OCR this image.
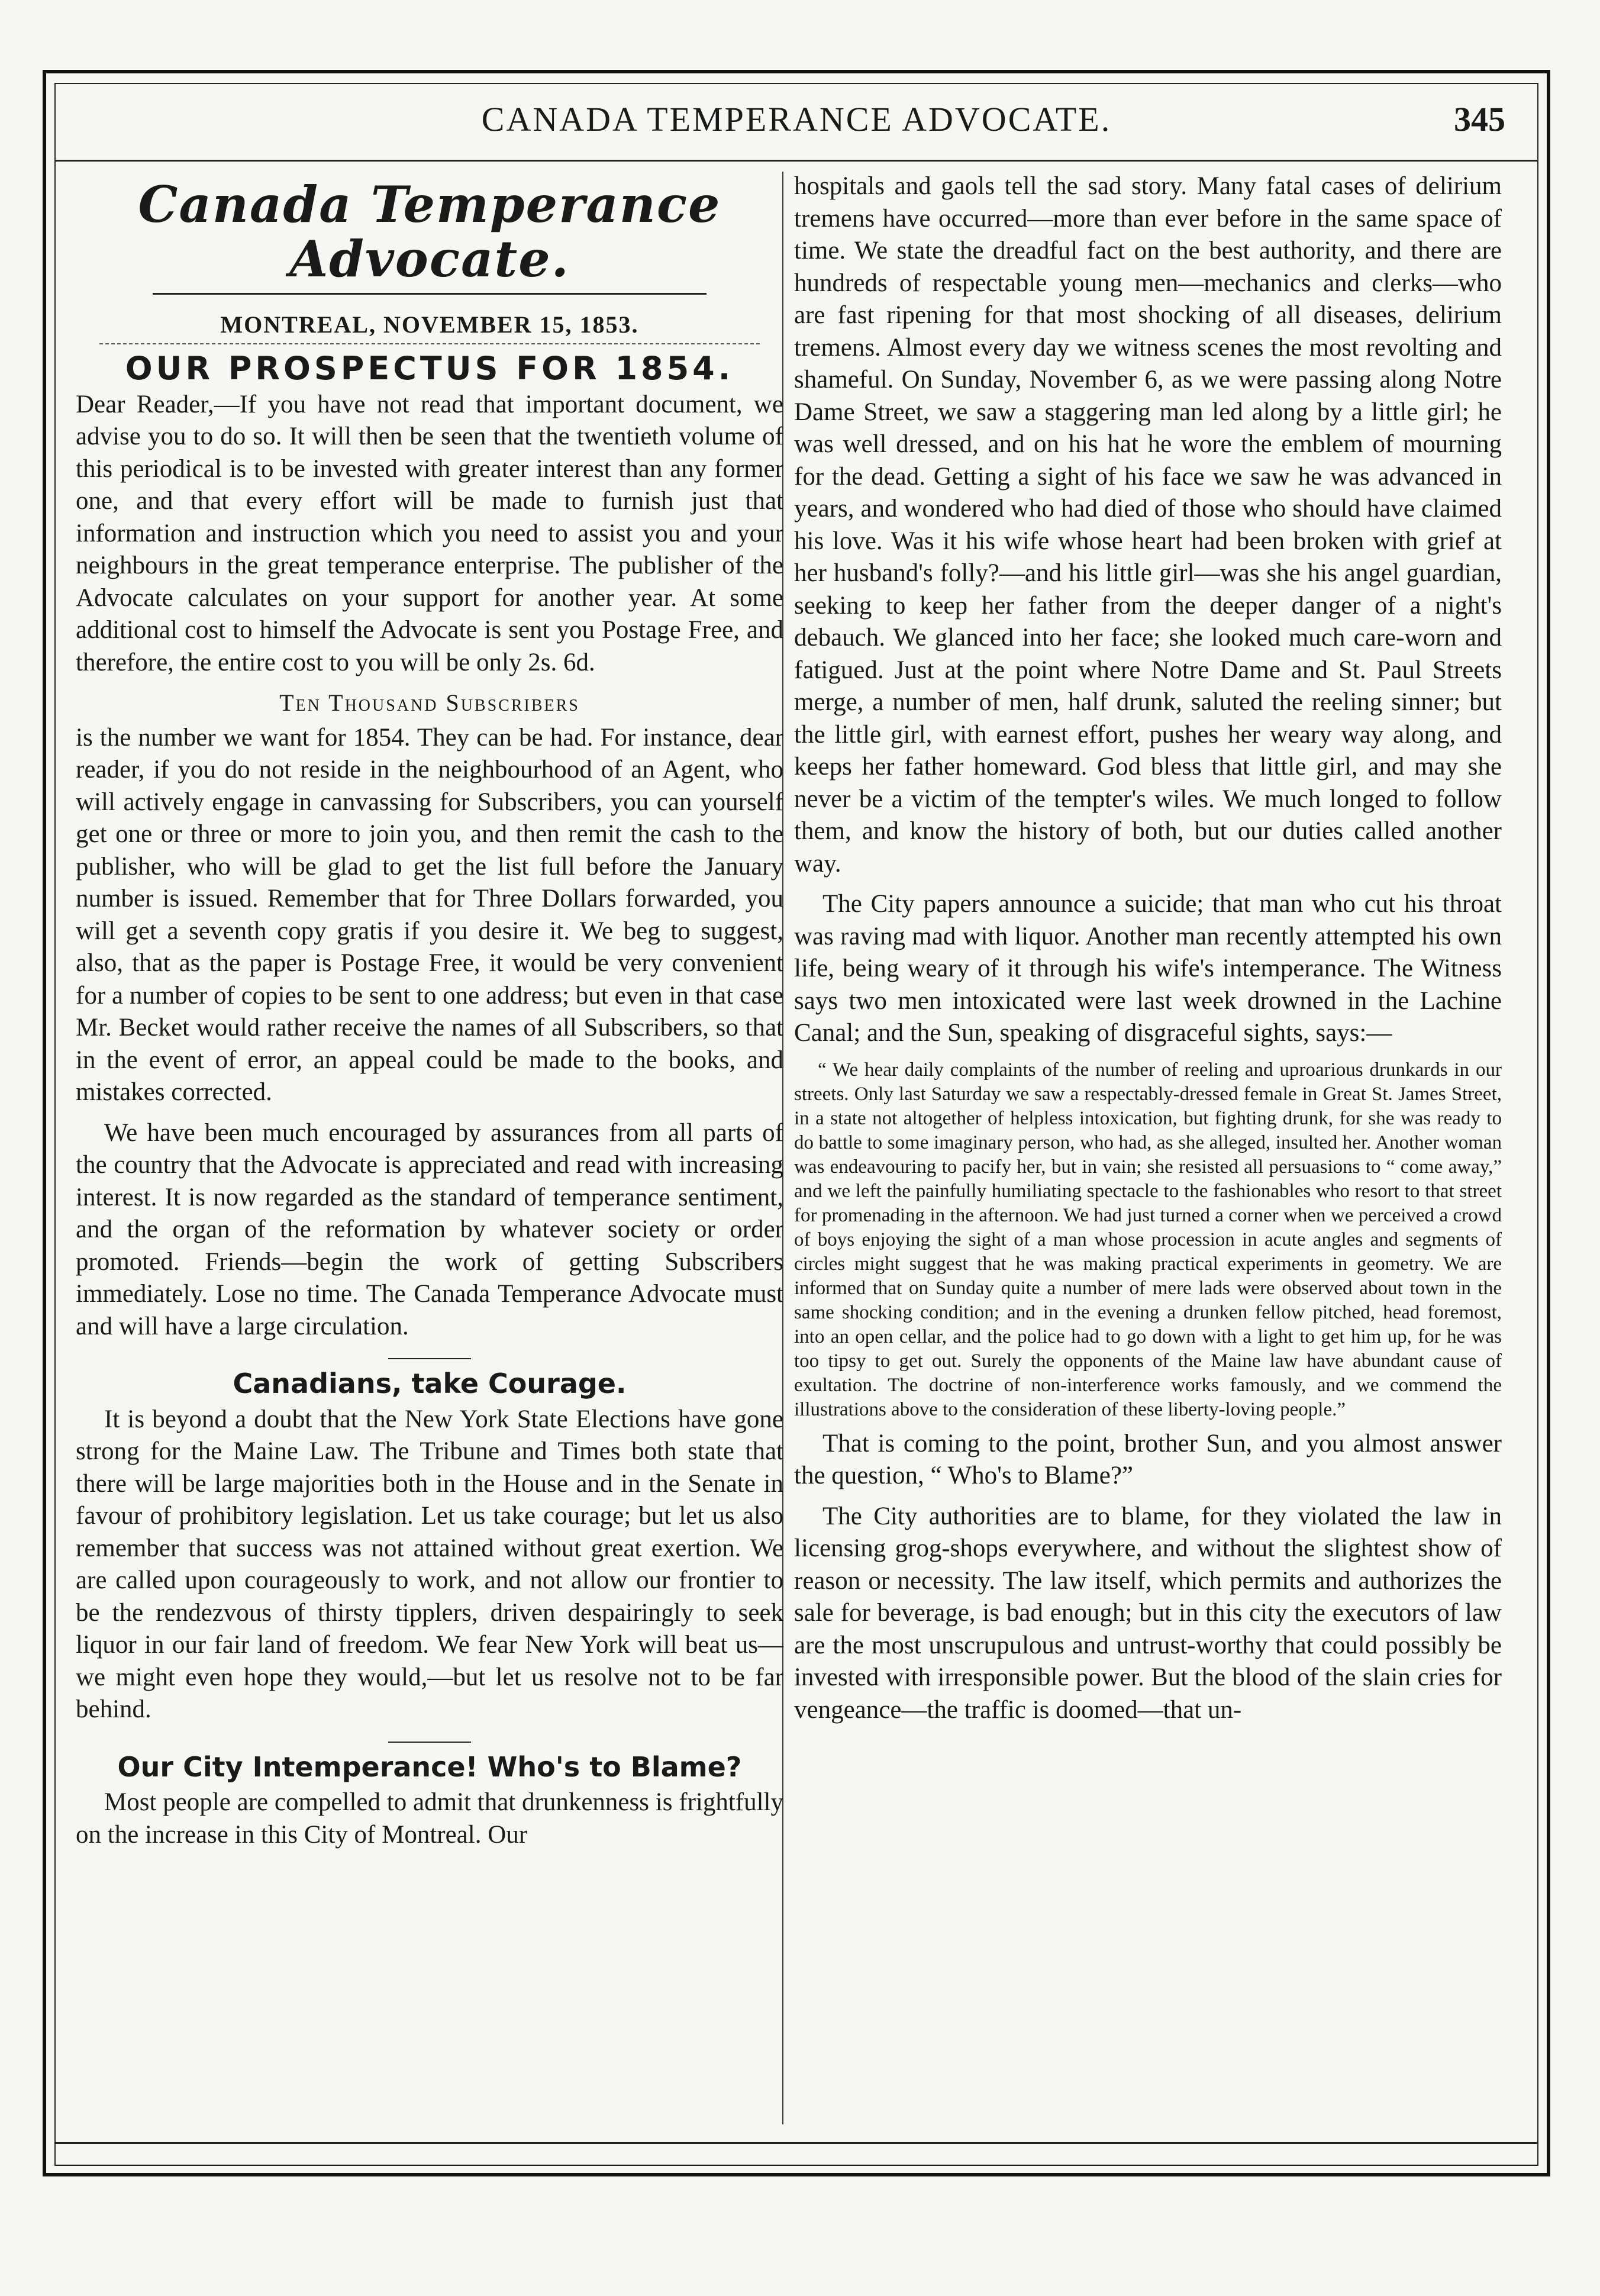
CANADA TEMPERANCE ADVOCATE.	345
Canada Temperance Advocate.
MONTREAL, NOVEMBER 15, 1853.
OUR PROSPECTUS FOR 1854.

Dear Reader,—If you have not read that important document, we advise you to do so. It will then be seen that the twentieth volume of this periodical is to be invested with greater interest than any former one, and that every effort will be made to furnish just that information and instruction which you need to assist you and your neighbours in the great temperance enterprise. The publisher of the Advocate calculates on your support for another year. At some additional cost to himself the Advocate is sent you Postage Free, and therefore, the entire cost to you will be only 2s. 6d.

Ten Thousand Subscribers

is the number we want for 1854. They can be had. For instance, dear reader, if you do not reside in the neighbourhood of an Agent, who will actively engage in canvassing for Subscribers, you can yourself get one or three or more to join you, and then remit the cash to the publisher, who will be glad to get the list full before the January number is issued. Remember that for Three Dollars forwarded, you will get a seventh copy gratis if you desire it. We beg to suggest, also, that as the paper is Postage Free, it would be very convenient for a number of copies to be sent to one address; but even in that case Mr. Becket would rather receive the names of all Subscribers, so that in the event of error, an appeal could be made to the books, and mistakes corrected.

We have been much encouraged by assurances from all parts of the country that the Advocate is appreciated and read with increasing interest. It is now regarded as the standard of temperance sentiment, and the organ of the reformation by whatever society or order promoted. Friends—begin the work of getting Subscribers immediately. Lose no time. The Canada Temperance Advocate must and will have a large circulation.

Canadians, take Courage.

It is beyond a doubt that the New York State Elections have gone strong for the Maine Law. The Tribune and Times both state that there will be large majorities both in the House and in the Senate in favour of prohibitory legislation. Let us take courage; but let us also remember that success was not attained without great exertion. We are called upon courageously to work, and not allow our frontier to be the rendezvous of thirsty tipplers, driven despairingly to seek liquor in our fair land of freedom. We fear New York will beat us—we might even hope they would,—but let us resolve not to be far behind.

Our City Intemperance! Who's to Blame?

Most people are compelled to admit that drunkenness is frightfully on the increase in this City of Montreal. Our

hospitals and gaols tell the sad story. Many fatal cases of delirium tremens have occurred—more than ever before in the same space of time. We state the dreadful fact on the best authority, and there are hundreds of respectable young men—mechanics and clerks—who are fast ripening for that most shocking of all diseases, delirium tremens. Almost every day we witness scenes the most revolting and shameful. On Sunday, November 6, as we were passing along Notre Dame Street, we saw a staggering man led along by a little girl; he was well dressed, and on his hat he wore the emblem of mourning for the dead. Getting a sight of his face we saw he was advanced in years, and wondered who had died of those who should have claimed his love. Was it his wife whose heart had been broken with grief at her husband's folly?—and his little girl—was she his angel guardian, seeking to keep her father from the deeper danger of a night's debauch. We glanced into her face; she looked much care-worn and fatigued. Just at the point where Notre Dame and St. Paul Streets merge, a number of men, half drunk, saluted the reeling sinner; but the little girl, with earnest effort, pushes her weary way along, and keeps her father homeward. God bless that little girl, and may she never be a victim of the tempter's wiles. We much longed to follow them, and know the history of both, but our duties called another way.

The City papers announce a suicide; that man who cut his throat was raving mad with liquor. Another man recently attempted his own life, being weary of it through his wife's intemperance. The Witness says two men intoxicated were last week drowned in the Lachine Canal; and the Sun, speaking of disgraceful sights, says:—

“ We hear daily complaints of the number of reeling and uproarious drunkards in our streets. Only last Saturday we saw a respectably-dressed female in Great St. James Street, in a state not altogether of helpless intoxication, but fighting drunk, for she was ready to do battle to some imaginary person, who had, as she alleged, insulted her. Another woman was endeavouring to pacify her, but in vain; she resisted all persuasions to “ come away,” and we left the painfully humiliating spectacle to the fashionables who resort to that street for promenading in the afternoon. We had just turned a corner when we perceived a crowd of boys enjoying the sight of a man whose procession in acute angles and segments of circles might suggest that he was making practical experiments in geometry. We are informed that on Sunday quite a number of mere lads were observed about town in the same shocking condition; and in the evening a drunken fellow pitched, head foremost, into an open cellar, and the police had to go down with a light to get him up, for he was too tipsy to get out. Surely the opponents of the Maine law have abundant cause of exultation. The doctrine of non-interference works famously, and we commend the illustrations above to the consideration of these liberty-loving people.”

That is coming to the point, brother Sun, and you almost answer the question, “ Who's to Blame?”

The City authorities are to blame, for they violated the law in licensing grog-shops everywhere, and without the slightest show of reason or necessity. The law itself, which permits and authorizes the sale for beverage, is bad enough; but in this city the executors of law are the most unscrupulous and untrust-worthy that could possibly be invested with irresponsible power. But the blood of the slain cries for vengeance—the traffic is doomed—that un-
